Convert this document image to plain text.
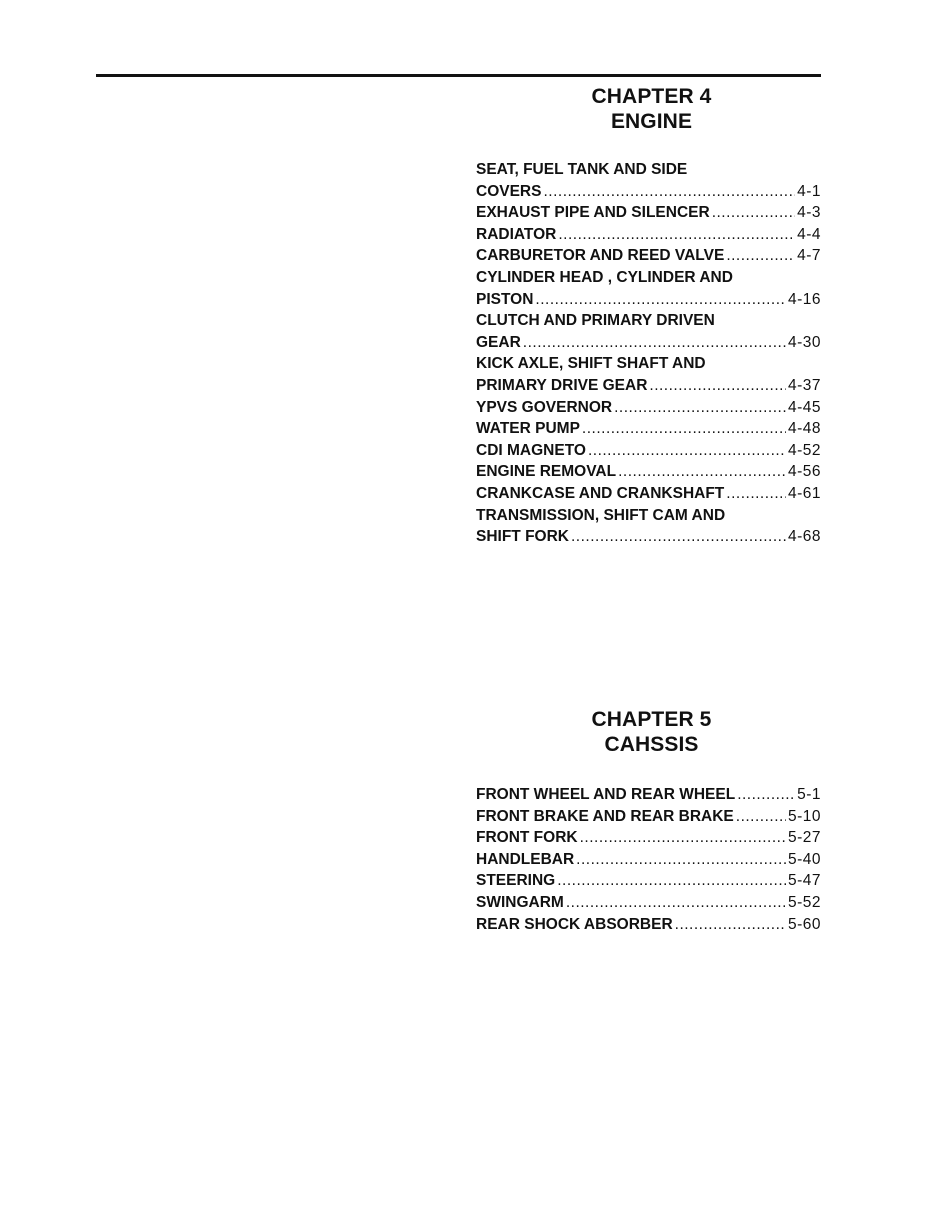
CHAPTER 4
ENGINE
SEAT, FUEL TANK AND SIDE
COVERS .....	4-1
EXHAUST PIPE AND SILENCER .....	4-3
RADIATOR .....	4-4
CARBURETOR AND REED VALVE .....	4-7
CYLINDER HEAD , CYLINDER AND
PISTON .....	4-16
CLUTCH AND PRIMARY DRIVEN
GEAR .....	4-30
KICK AXLE, SHIFT SHAFT AND
PRIMARY DRIVE GEAR .....	4-37
YPVS GOVERNOR .....	4-45
WATER PUMP .....	4-48
CDI MAGNETO .....	4-52
ENGINE REMOVAL .....	4-56
CRANKCASE AND CRANKSHAFT .....	4-61
TRANSMISSION, SHIFT CAM AND
SHIFT FORK .....	4-68
CHAPTER 5
CAHSSIS
FRONT WHEEL AND REAR WHEEL .....	5-1
FRONT BRAKE AND REAR BRAKE .....	5-10
FRONT FORK .....	5-27
HANDLEBAR .....	5-40
STEERING .....	5-47
SWINGARM .....	5-52
REAR SHOCK ABSORBER .....	5-60
